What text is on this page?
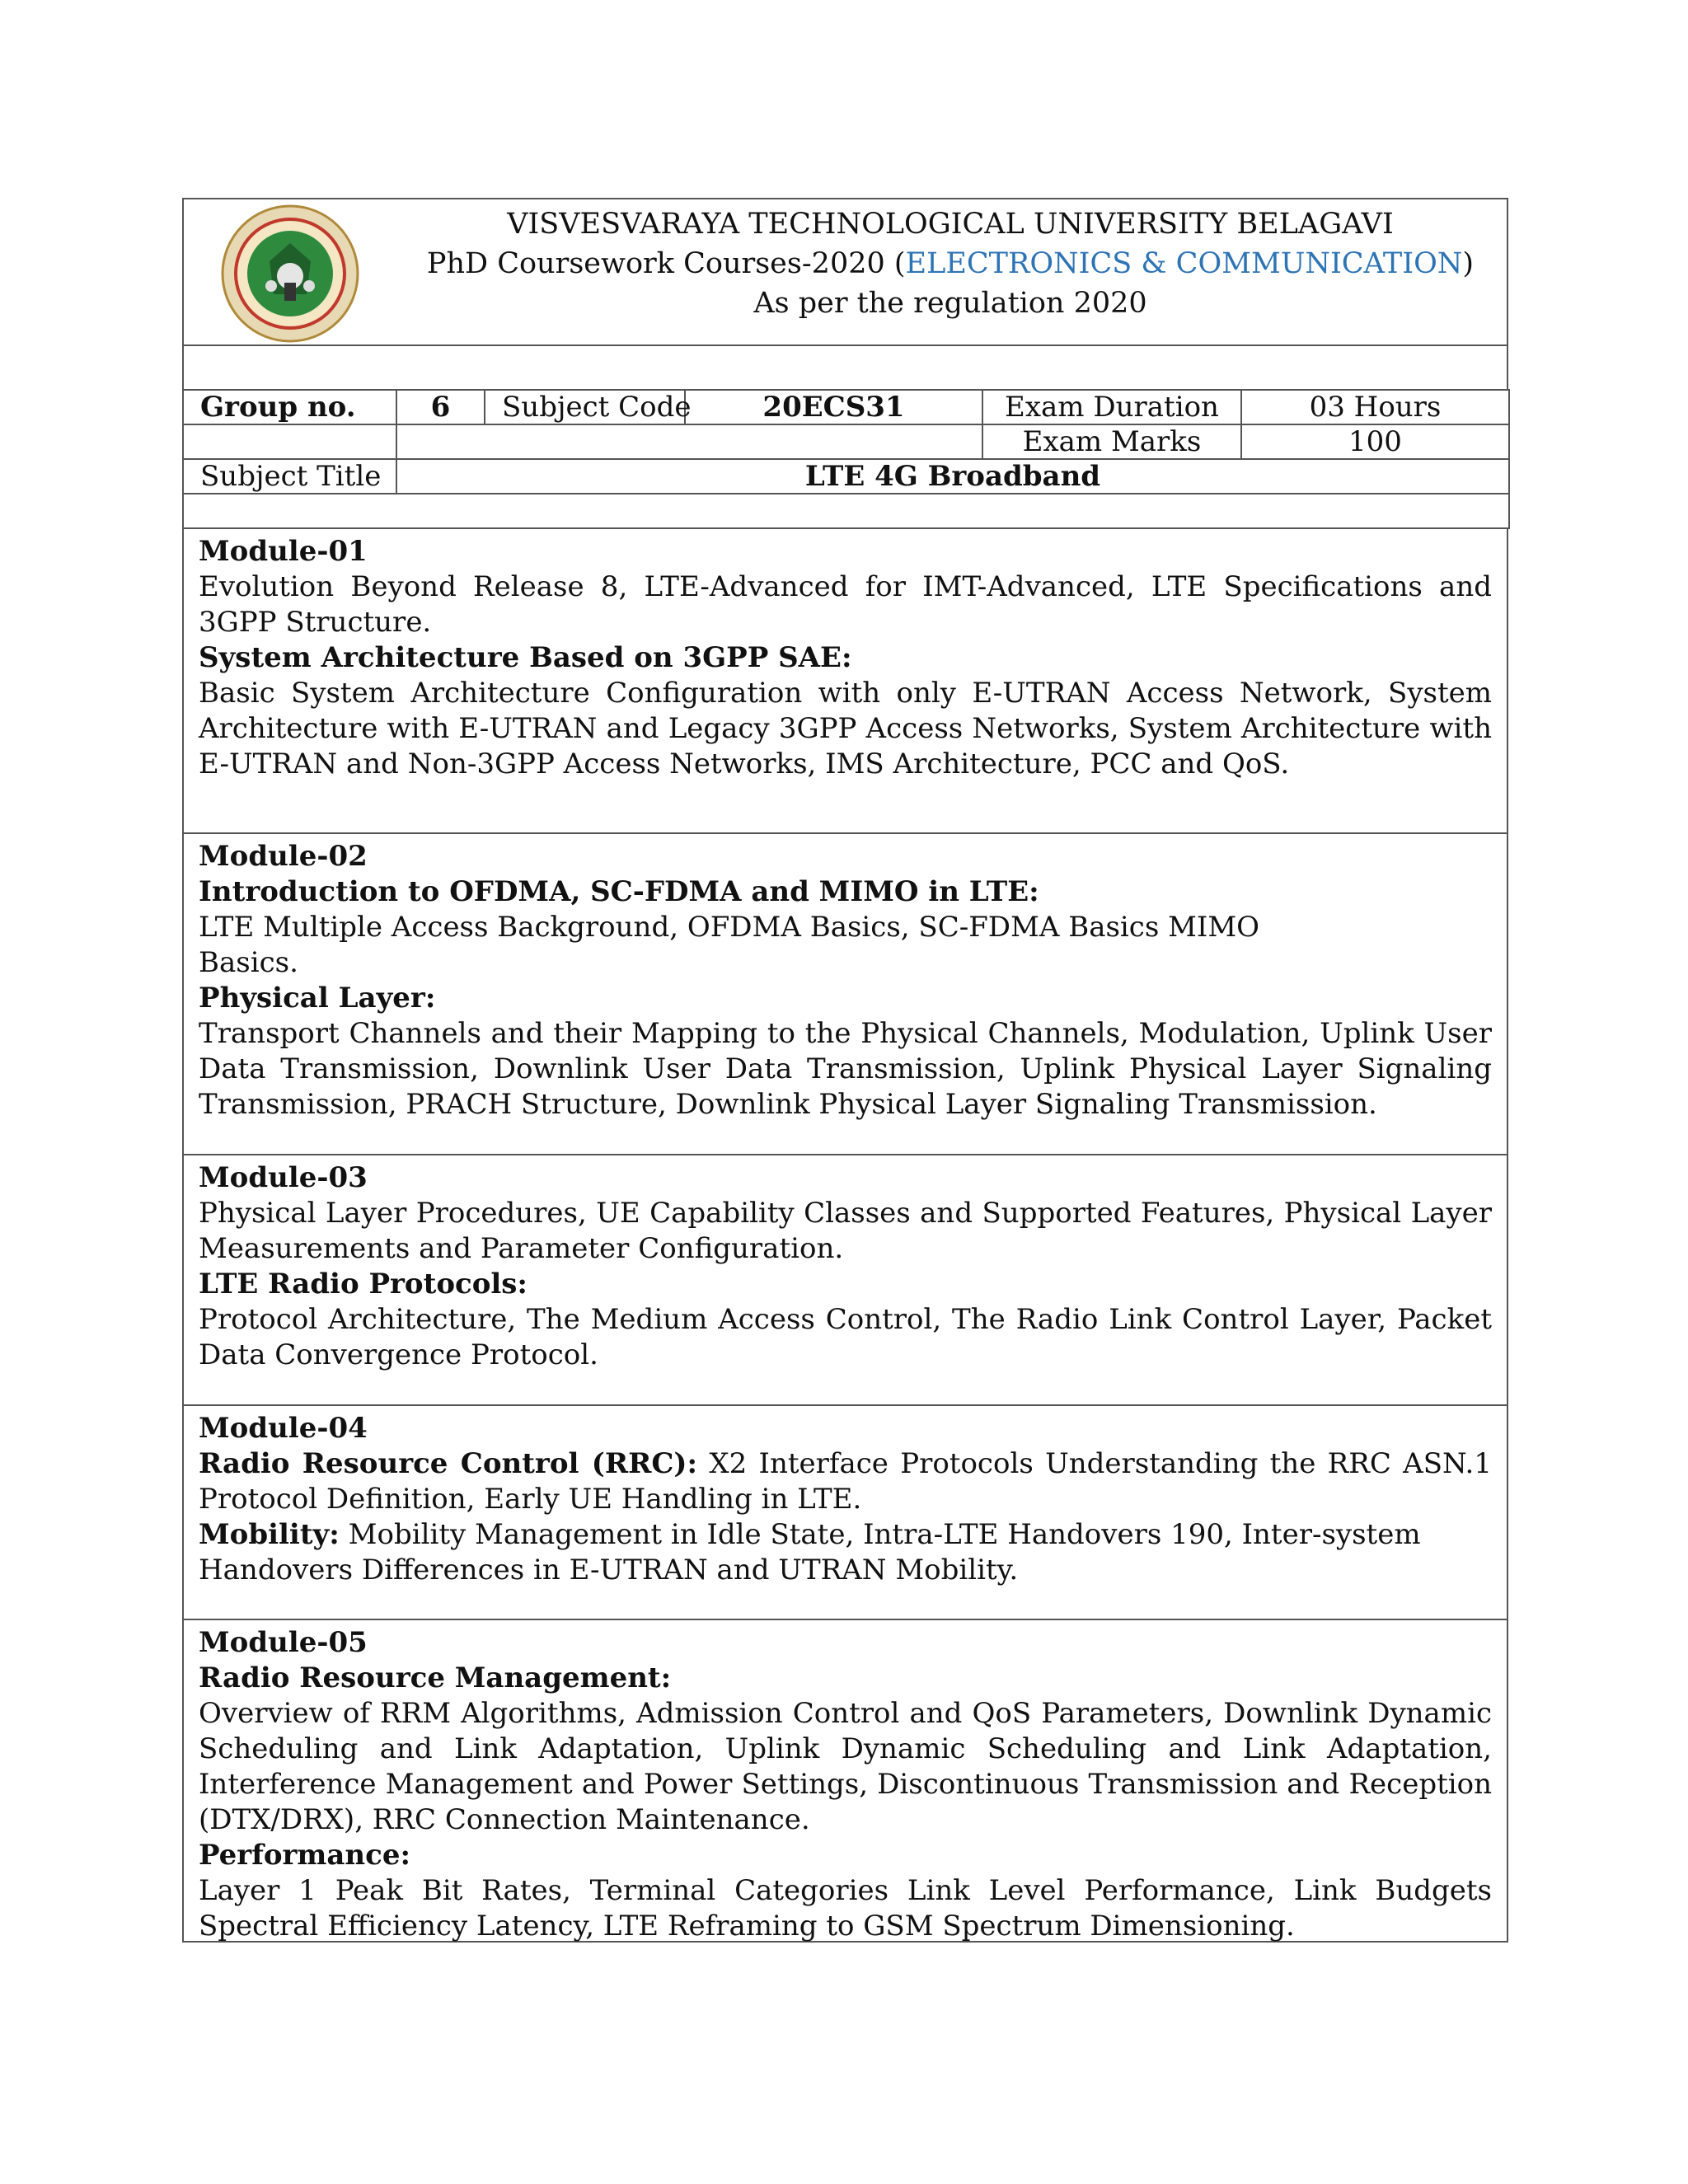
VISVESVARAYA TECHNOLOGICAL UNIVERSITY BELAGAVI
PhD Coursework Courses-2020 (ELECTRONICS & COMMUNICATION)
As per the regulation 2020
Group no.	6	Subject Code	20ECS31	Exam Duration	03 Hours
				Exam Marks	100
Subject Title	LTE 4G Broadband				

Module-01

Evolution Beyond Release 8, LTE-Advanced for IMT-Advanced, LTE Specifications and 3GPP Structure.

System Architecture Based on 3GPP SAE:

Basic System Architecture Configuration with only E-UTRAN Access Network, System Architecture with E-UTRAN and Legacy 3GPP Access Networks, System Architecture with E-UTRAN and Non-3GPP Access Networks, IMS Architecture, PCC and QoS.

Module-02
Introduction to OFDMA, SC-FDMA and MIMO in LTE:
LTE Multiple Access Background, OFDMA Basics, SC-FDMA Basics MIMO
Basics.
Physical Layer:

Transport Channels and their Mapping to the Physical Channels, Modulation, Uplink User Data Transmission, Downlink User Data Transmission, Uplink Physical Layer Signaling Transmission, PRACH Structure, Downlink Physical Layer Signaling Transmission.

Module-03

Physical Layer Procedures, UE Capability Classes and Supported Features, Physical Layer Measurements and Parameter Configuration.

LTE Radio Protocols:

Protocol Architecture, The Medium Access Control, The Radio Link Control Layer, Packet Data Convergence Protocol.

Module-04

Radio Resource Control (RRC): X2 Interface Protocols Understanding the RRC ASN.1 Protocol Definition, Early UE Handling in LTE.

Mobility: Mobility Management in Idle State, Intra-LTE Handovers 190, Inter-system Handovers Differences in E-UTRAN and UTRAN Mobility.

Module-05
Radio Resource Management:

Overview of RRM Algorithms, Admission Control and QoS Parameters, Downlink Dynamic Scheduling and Link Adaptation, Uplink Dynamic Scheduling and Link Adaptation, Interference Management and Power Settings, Discontinuous Transmission and Reception (DTX/DRX), RRC Connection Maintenance.

Performance:

Layer 1 Peak Bit Rates, Terminal Categories Link Level Performance, Link Budgets Spectral Efficiency Latency, LTE Reframing to GSM Spectrum Dimensioning.
